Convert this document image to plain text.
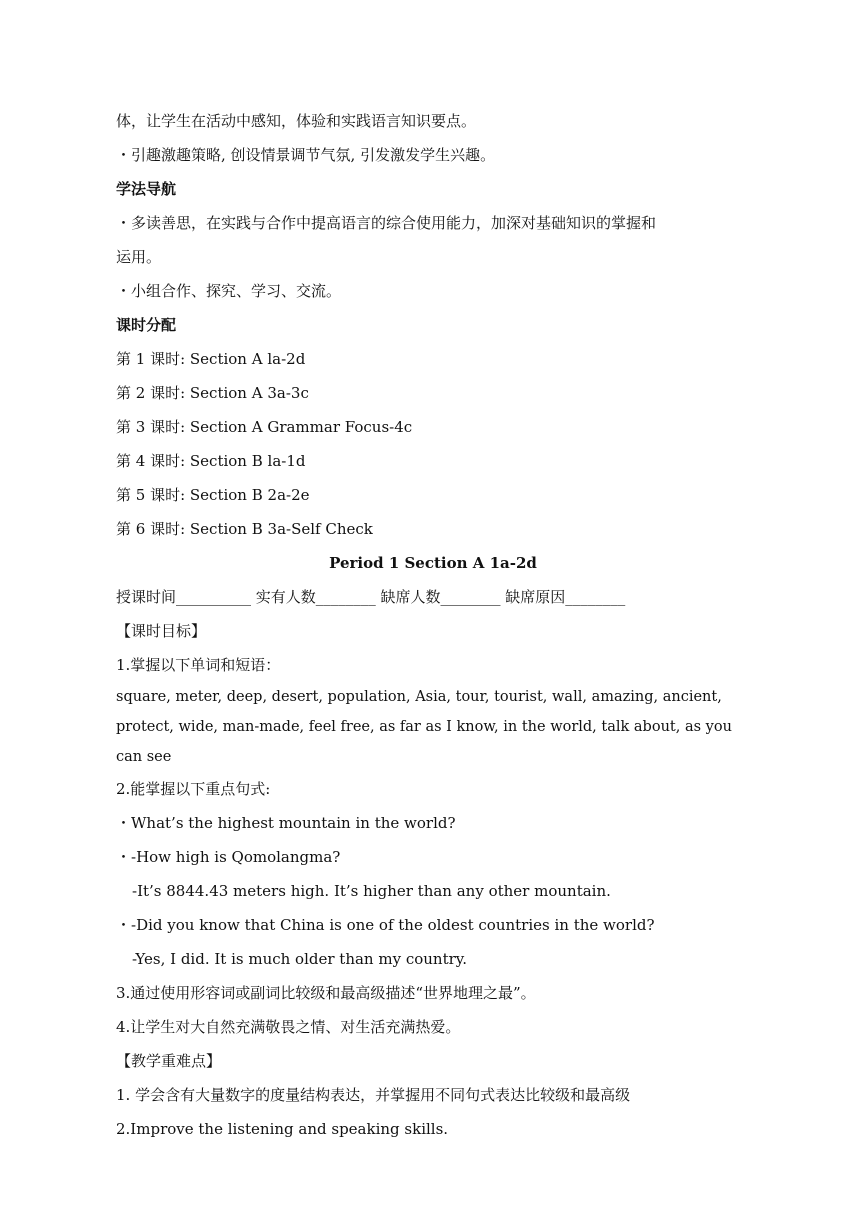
体，让学生在活动中感知，体验和实践语言知识要点。
・引趣激趣策略, 创设情景调节气氛, 引发激发学生兴趣。
学法导航
・多读善思，在实践与合作中提高语言的综合使用能力，加深对基础知识的掌握和
运用。
・小组合作、探究、学习、交流。
课时分配
第 1 课时: Section A la-2d
第 2 课时: Section A 3a-3c
第 3 课时: Section A Grammar Focus-4c
第 4 课时: Section B la-1d
第 5 课时: Section B 2a-2e
第 6 课时: Section B 3a-Self Check
Period 1 Section A 1a-2d
授课时间__________ 实有人数________ 缺席人数________ 缺席原因________
【课时目标】
1.掌握以下单词和短语：
square, meter, deep, desert, population, Asia, tour, tourist, wall, amazing, ancient, protect, wide, man-made, feel free, as far as I know, in the world, talk about, as you can see
2.能掌握以下重点句式:
・What’s the highest mountain in the world?
・-How high is Qomolangma?
-It’s 8844.43 meters high. It’s higher than any other mountain.
・-Did you know that China is one of the oldest countries in the world?
-Yes, I did. It is much older than my country.
3.通过使用形容词或副词比较级和最高级描述“世界地理之最”。
4.让学生对大自然充满敬畏之情、对生活充满热爱。
【教学重难点】
1. 学会含有大量数字的度量结构表达，并掌握用不同句式表达比较级和最高级
2.Improve the listening and speaking skills.
